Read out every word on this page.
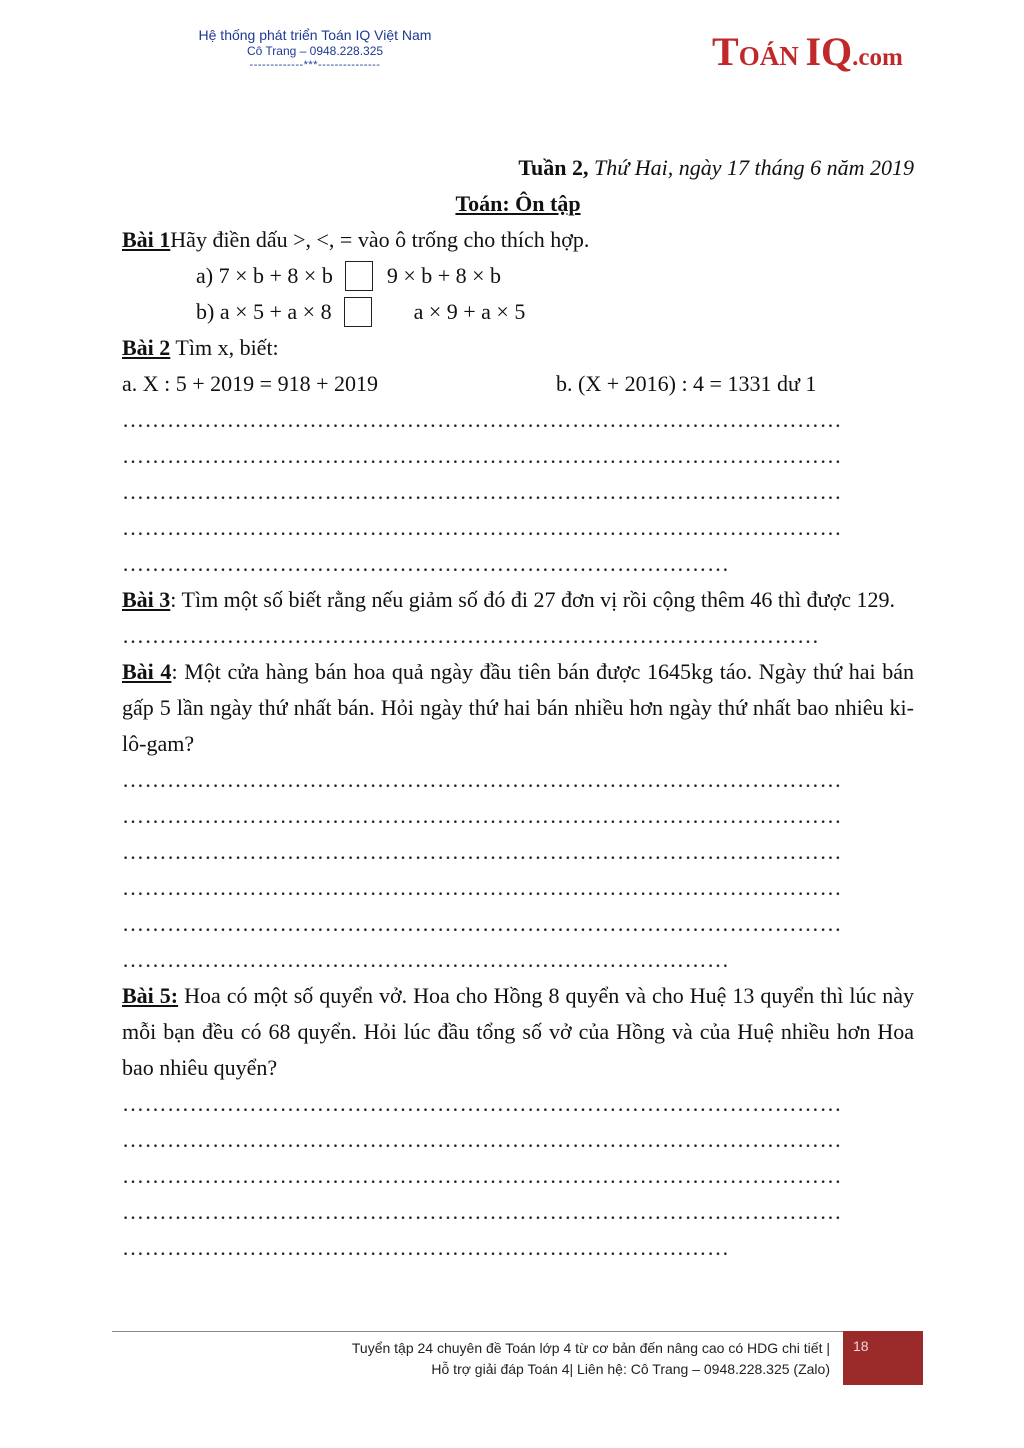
Hệ thống phát triển Toán IQ Việt Nam
Cô Trang – 0948.228.325
-------------***---------------	TOÁN IQ.com
Tuần 2, Thứ Hai, ngày 17 tháng 6 năm 2019
Toán: Ôn tập
Bài 1Hãy điền dấu >, <, = vào ô trống cho thích hợp.
a) 7 × b + 8 × b 9 × b + 8 × b
b) a × 5 + a × 8	a × 9 + a × 5
Bài 2 Tìm x, biết:
a. X : 5 + 2019 = 918 + 2019	b. (X + 2016) : 4 = 1331 dư 1
……………………………………………………………………………………
……………………………………………………………………………………
……………………………………………………………………………………
……………………………………………………………………………………
………………………………………………………………………
Bài 3: Tìm một số biết rằng nếu giảm số đó đi 27 đơn vị rồi cộng thêm 46 thì được 129.
…………………………………………………………………………………
Bài 4: Một cửa hàng bán hoa quả ngày đầu tiên bán được 1645kg táo. Ngày thứ hai bán gấp 5 lần ngày thứ nhất bán. Hỏi ngày thứ hai bán nhiều hơn ngày thứ nhất bao nhiêu ki-lô-gam?
……………………………………………………………………………………
……………………………………………………………………………………
……………………………………………………………………………………
……………………………………………………………………………………
……………………………………………………………………………………
………………………………………………………………………
Bài 5: Hoa có một số quyển vở. Hoa cho Hồng 8 quyển và cho Huệ 13 quyển thì lúc này mỗi bạn đều có 68 quyển. Hỏi lúc đầu tổng số vở của Hồng và của Huệ nhiều hơn Hoa bao nhiêu quyển?
……………………………………………………………………………………
……………………………………………………………………………………
……………………………………………………………………………………
……………………………………………………………………………………
………………………………………………………………………
Tuyển tập 24 chuyên đề Toán lớp 4 từ cơ bản đến nâng cao có HDG chi tiết |
Hỗ trợ giải đáp Toán 4| Liên hệ: Cô Trang – 0948.228.325 (Zalo)
18
